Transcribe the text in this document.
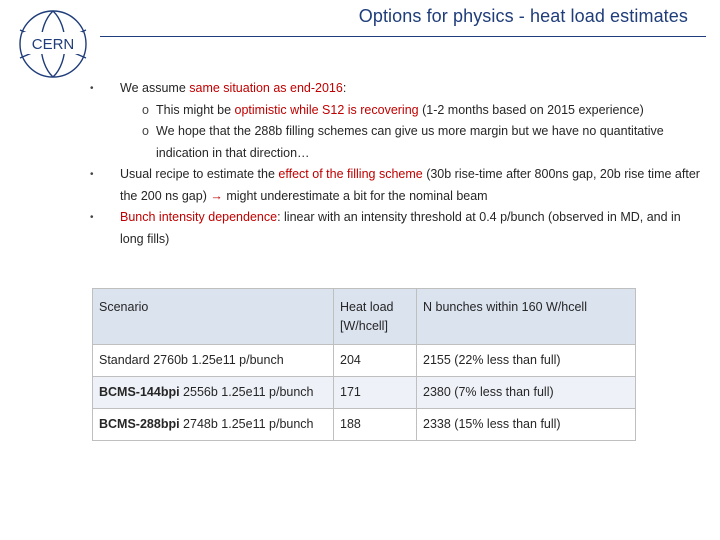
CERN
Options for physics - heat load estimates
• We assume same situation as end-2016:
o This might be optimistic while S12 is recovering (1-2 months based on 2015 experience)
o We hope that the 288b filling schemes can give us more margin but we have no quantitative indication in that direction…
• Usual recipe to estimate the effect of the filling scheme (30b rise-time after 800ns gap, 20b rise time after the 200 ns gap) → might underestimate a bit for the nominal beam
• Bunch intensity dependence: linear with an intensity threshold at 0.4 p/bunch (observed in MD, and in long fills)
Scenario	Heat load [W/hcell]	N bunches within 160 W/hcell
Standard 2760b 1.25e11 p/bunch	204	2155 (22% less than full)
BCMS-144bpi 2556b 1.25e11 p/bunch	171	2380 (7% less than full)
BCMS-288bpi 2748b 1.25e11 p/bunch	188	2338 (15% less than full)
